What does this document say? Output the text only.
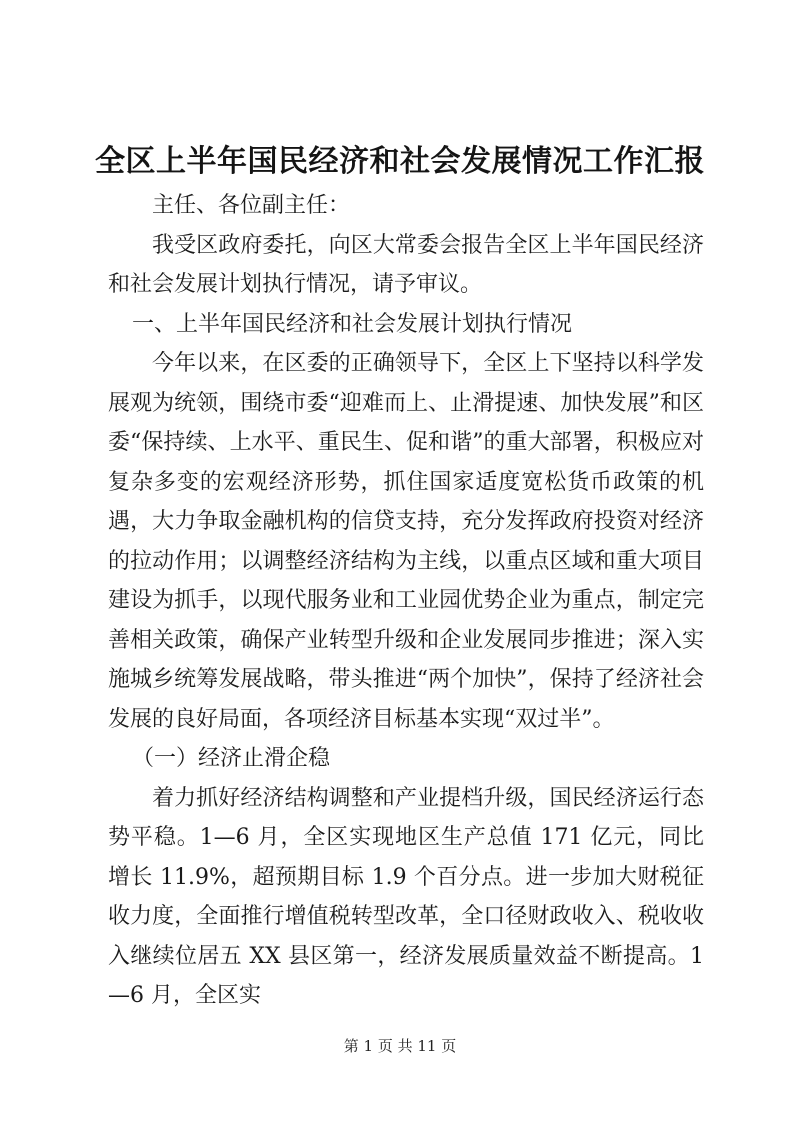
全区上半年国民经济和社会发展情况工作汇报

主任、各位副主任：

我受区政府委托，向区大常委会报告全区上半年国民经济和社会发展计划执行情况，请予审议。

一、上半年国民经济和社会发展计划执行情况

今年以来，在区委的正确领导下，全区上下坚持以科学发展观为统领，围绕市委“迎难而上、止滑提速、加快发展”和区委“保持续、上水平、重民生、促和谐”的重大部署，积极应对复杂多变的宏观经济形势，抓住国家适度宽松货币政策的机遇，大力争取金融机构的信贷支持，充分发挥政府投资对经济的拉动作用；以调整经济结构为主线，以重点区域和重大项目建设为抓手，以现代服务业和工业园优势企业为重点，制定完善相关政策，确保产业转型升级和企业发展同步推进；深入实施城乡统筹发展战略，带头推进“两个加快”，保持了经济社会发展的良好局面，各项经济目标基本实现“双过半”。

（一）经济止滑企稳

着力抓好经济结构调整和产业提档升级，国民经济运行态势平稳。1—6 月，全区实现地区生产总值 171 亿元，同比增长 11.9%，超预期目标 1.9 个百分点。进一步加大财税征收力度，全面推行增值税转型改革，全口径财政收入、税收收入继续位居五 XX 县区第一，经济发展质量效益不断提高。1—6 月，全区实

第 1 页 共 11 页
